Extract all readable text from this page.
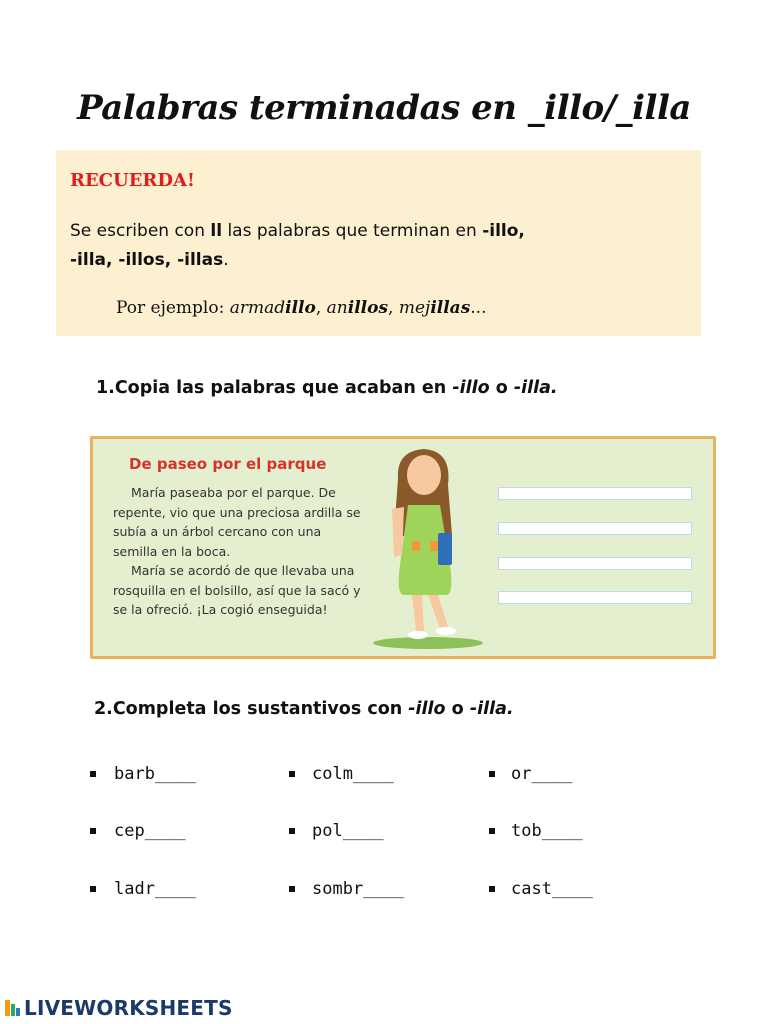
Palabras terminadas en _illo/_illa
RECUERDA!
Se escriben con ll las palabras que terminan en -illo,
-illa, -illos, -illas.
Por ejemplo: armadillo, anillos, mejillas...
1.Copia las palabras que acaban en -illo o -illa.
De paseo por el parque

María paseaba por el parque. De repente, vio que una preciosa ardilla se subía a un árbol cercano con una semilla en la boca.

María se acordó de que llevaba una rosquilla en el bolsillo, así que la sacó y se la ofreció. ¡La cogió enseguida!

2.Completa los sustantivos con -illo o -illa.
barb____	colm____	or____
cep____	pol____	tob____
ladr____	sombr____	cast____
LIVEWORKSHEETS
